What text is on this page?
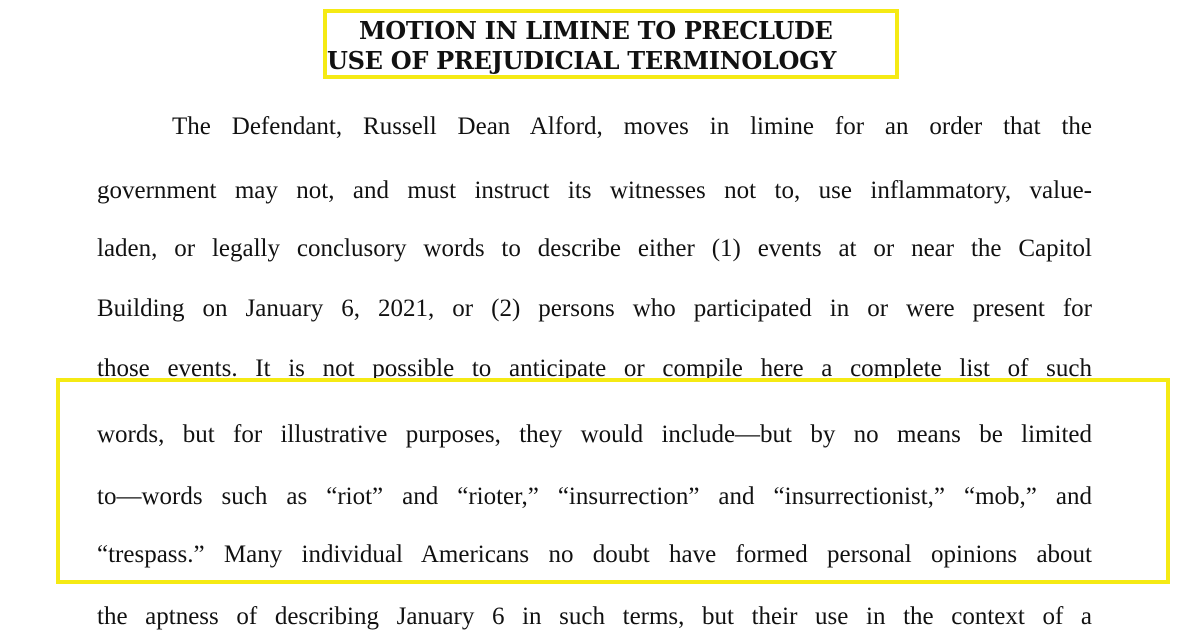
MOTION IN LIMINE TO PRECLUDE
USE OF PREJUDICIAL TERMINOLOGY
The Defendant, Russell Dean Alford, moves in limine for an order that the
government may not, and must instruct its witnesses not to, use inflammatory, value-
laden, or legally conclusory words to describe either (1) events at or near the Capitol
Building on January 6, 2021, or (2) persons who participated in or were present for
those events. It is not possible to anticipate or compile here a complete list of such
words, but for illustrative purposes, they would include—but by no means be limited
to—words such as “riot” and “rioter,” “insurrection” and “insurrectionist,” “mob,” and
“trespass.” Many individual Americans no doubt have formed personal opinions about
the aptness of describing January 6 in such terms, but their use in the context of a
